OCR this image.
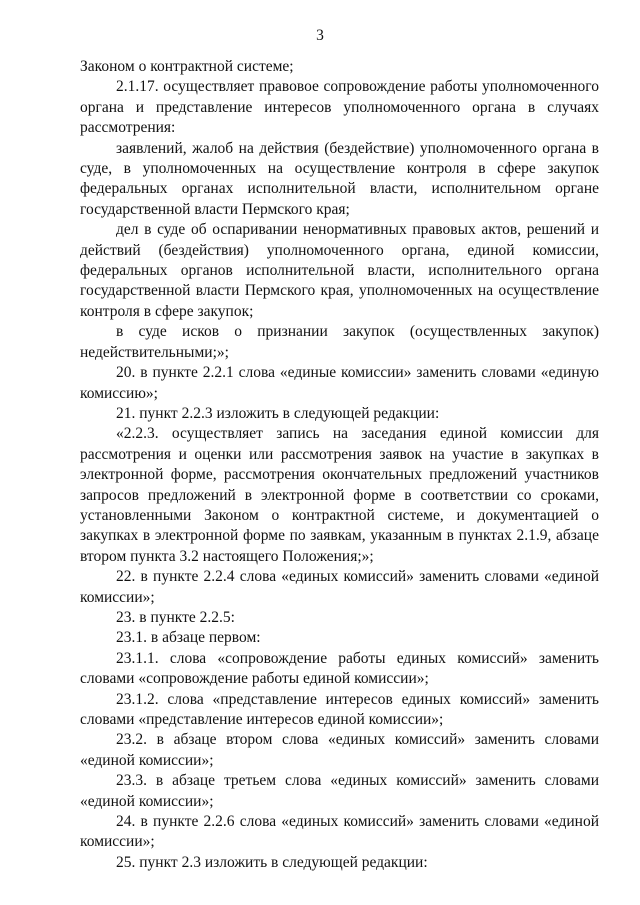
3

Законом о контрактной системе;

2.1.17. осуществляет правовое сопровождение работы уполномоченного органа и представление интересов уполномоченного органа в случаях рассмотрения:

заявлений, жалоб на действия (бездействие) уполномоченного органа в суде, в уполномоченных на осуществление контроля в сфере закупок федеральных органах исполнительной власти, исполнительном органе государственной власти Пермского края;

дел в суде об оспаривании ненормативных правовых актов, решений и действий (бездействия) уполномоченного органа, единой комиссии, федеральных органов исполнительной власти, исполнительного органа государственной власти Пермского края, уполномоченных на осуществление контроля в сфере закупок;

в суде исков о признании закупок (осуществленных закупок) недействительными;»;

20. в пункте 2.2.1 слова «единые комиссии» заменить словами «единую комиссию»;

21. пункт 2.2.3 изложить в следующей редакции:

«2.2.3. осуществляет запись на заседания единой комиссии для рассмотрения и оценки или рассмотрения заявок на участие в закупках в электронной форме, рассмотрения окончательных предложений участников запросов предложений в электронной форме в соответствии со сроками, установленными Законом о контрактной системе, и документацией о закупках в электронной форме по заявкам, указанным в пунктах 2.1.9, абзаце втором пункта 3.2 настоящего Положения;»;

22. в пункте 2.2.4 слова «единых комиссий» заменить словами «единой комиссии»;

23. в пункте 2.2.5:

23.1. в абзаце первом:

23.1.1. слова «сопровождение работы единых комиссий» заменить словами «сопровождение работы единой комиссии»;

23.1.2. слова «представление интересов единых комиссий» заменить словами «представление интересов единой комиссии»;

23.2. в абзаце втором слова «единых комиссий» заменить словами «единой комиссии»;

23.3. в абзаце третьем слова «единых комиссий» заменить словами «единой комиссии»;

24. в пункте 2.2.6 слова «единых комиссий» заменить словами «единой комиссии»;

25. пункт 2.3 изложить в следующей редакции:
